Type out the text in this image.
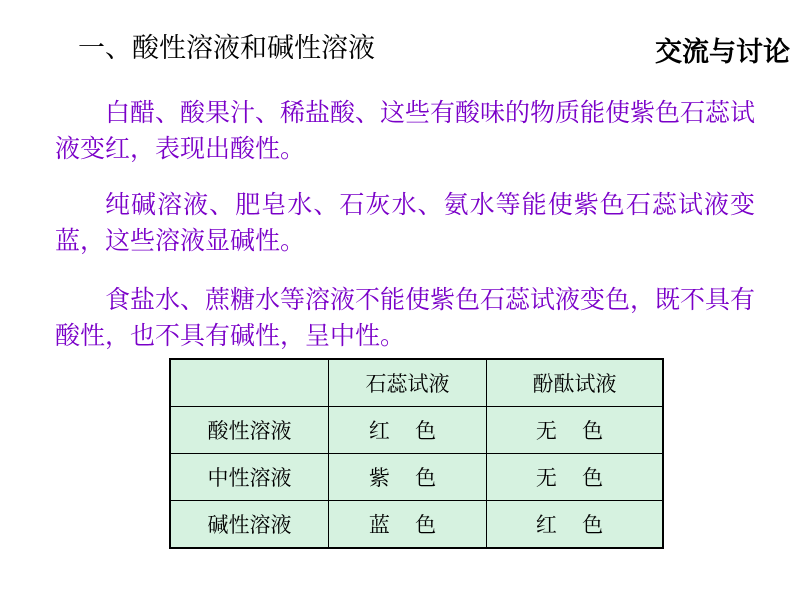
一、酸性溶液和碱性溶液	交流与讨论
白醋、酸果汁、稀盐酸、这些有酸味的物质能使紫色石蕊试液变红，表现出酸性。
纯碱溶液、肥皂水、石灰水、氨水等能使紫色石蕊试液变蓝，这些溶液显碱性。
食盐水、蔗糖水等溶液不能使紫色石蕊试液变色，既不具有酸性，也不具有碱性，呈中性。
	石蕊试液	酚酞试液
酸性溶液	红 色	无 色
中性溶液	紫 色	无 色
碱性溶液	蓝 色	红 色
